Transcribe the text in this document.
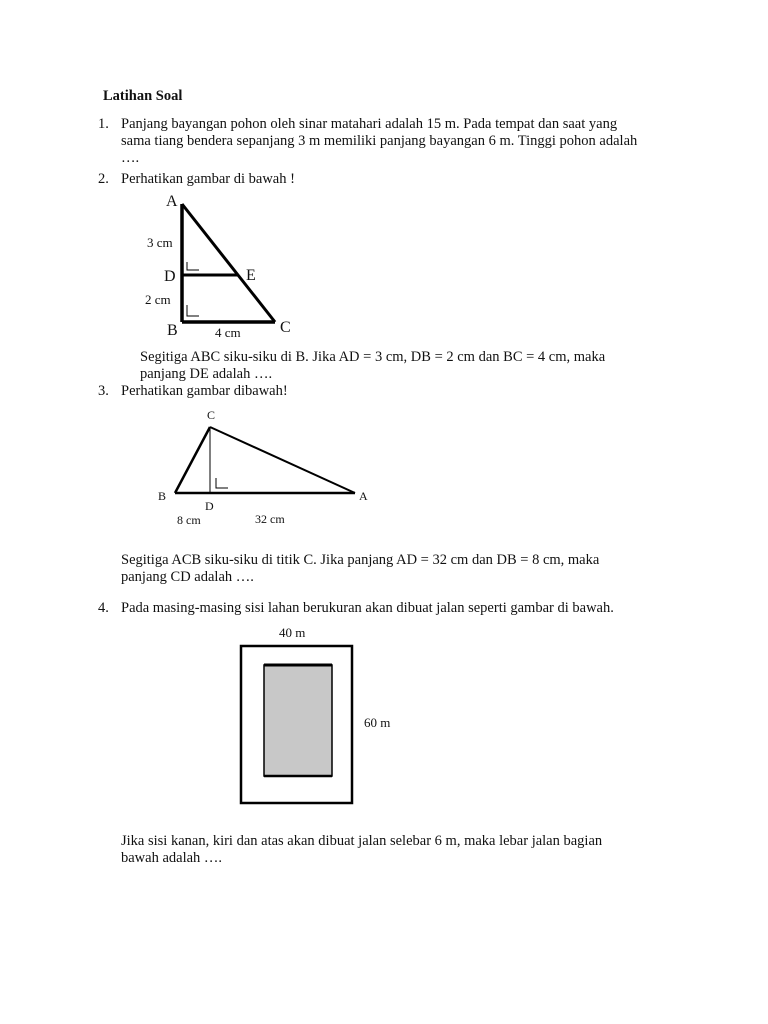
Latihan Soal
1. Panjang bayangan pohon oleh sinar matahari adalah 15 m. Pada tempat dan saat yang
sama tiang bendera sepanjang 3 m memiliki panjang bayangan 6 m. Tinggi pohon adalah
….
2. Perhatikan gambar di bawah !
A
3 cm
D	E
2 cm
B	4 cm C
Segitiga ABC siku-siku di B. Jika AD = 3 cm, DB = 2 cm dan BC = 4 cm, maka
panjang DE adalah ….
3. Perhatikan gambar dibawah!
C
B
D
A
8 cm	32 cm
Segitiga ACB siku-siku di titik C. Jika panjang AD = 32 cm dan DB = 8 cm, maka
panjang CD adalah ….
4. Pada masing-masing sisi lahan berukuran akan dibuat jalan seperti gambar di bawah.
40 m
60 m
Jika sisi kanan, kiri dan atas akan dibuat jalan selebar 6 m, maka lebar jalan bagian
bawah adalah ….
